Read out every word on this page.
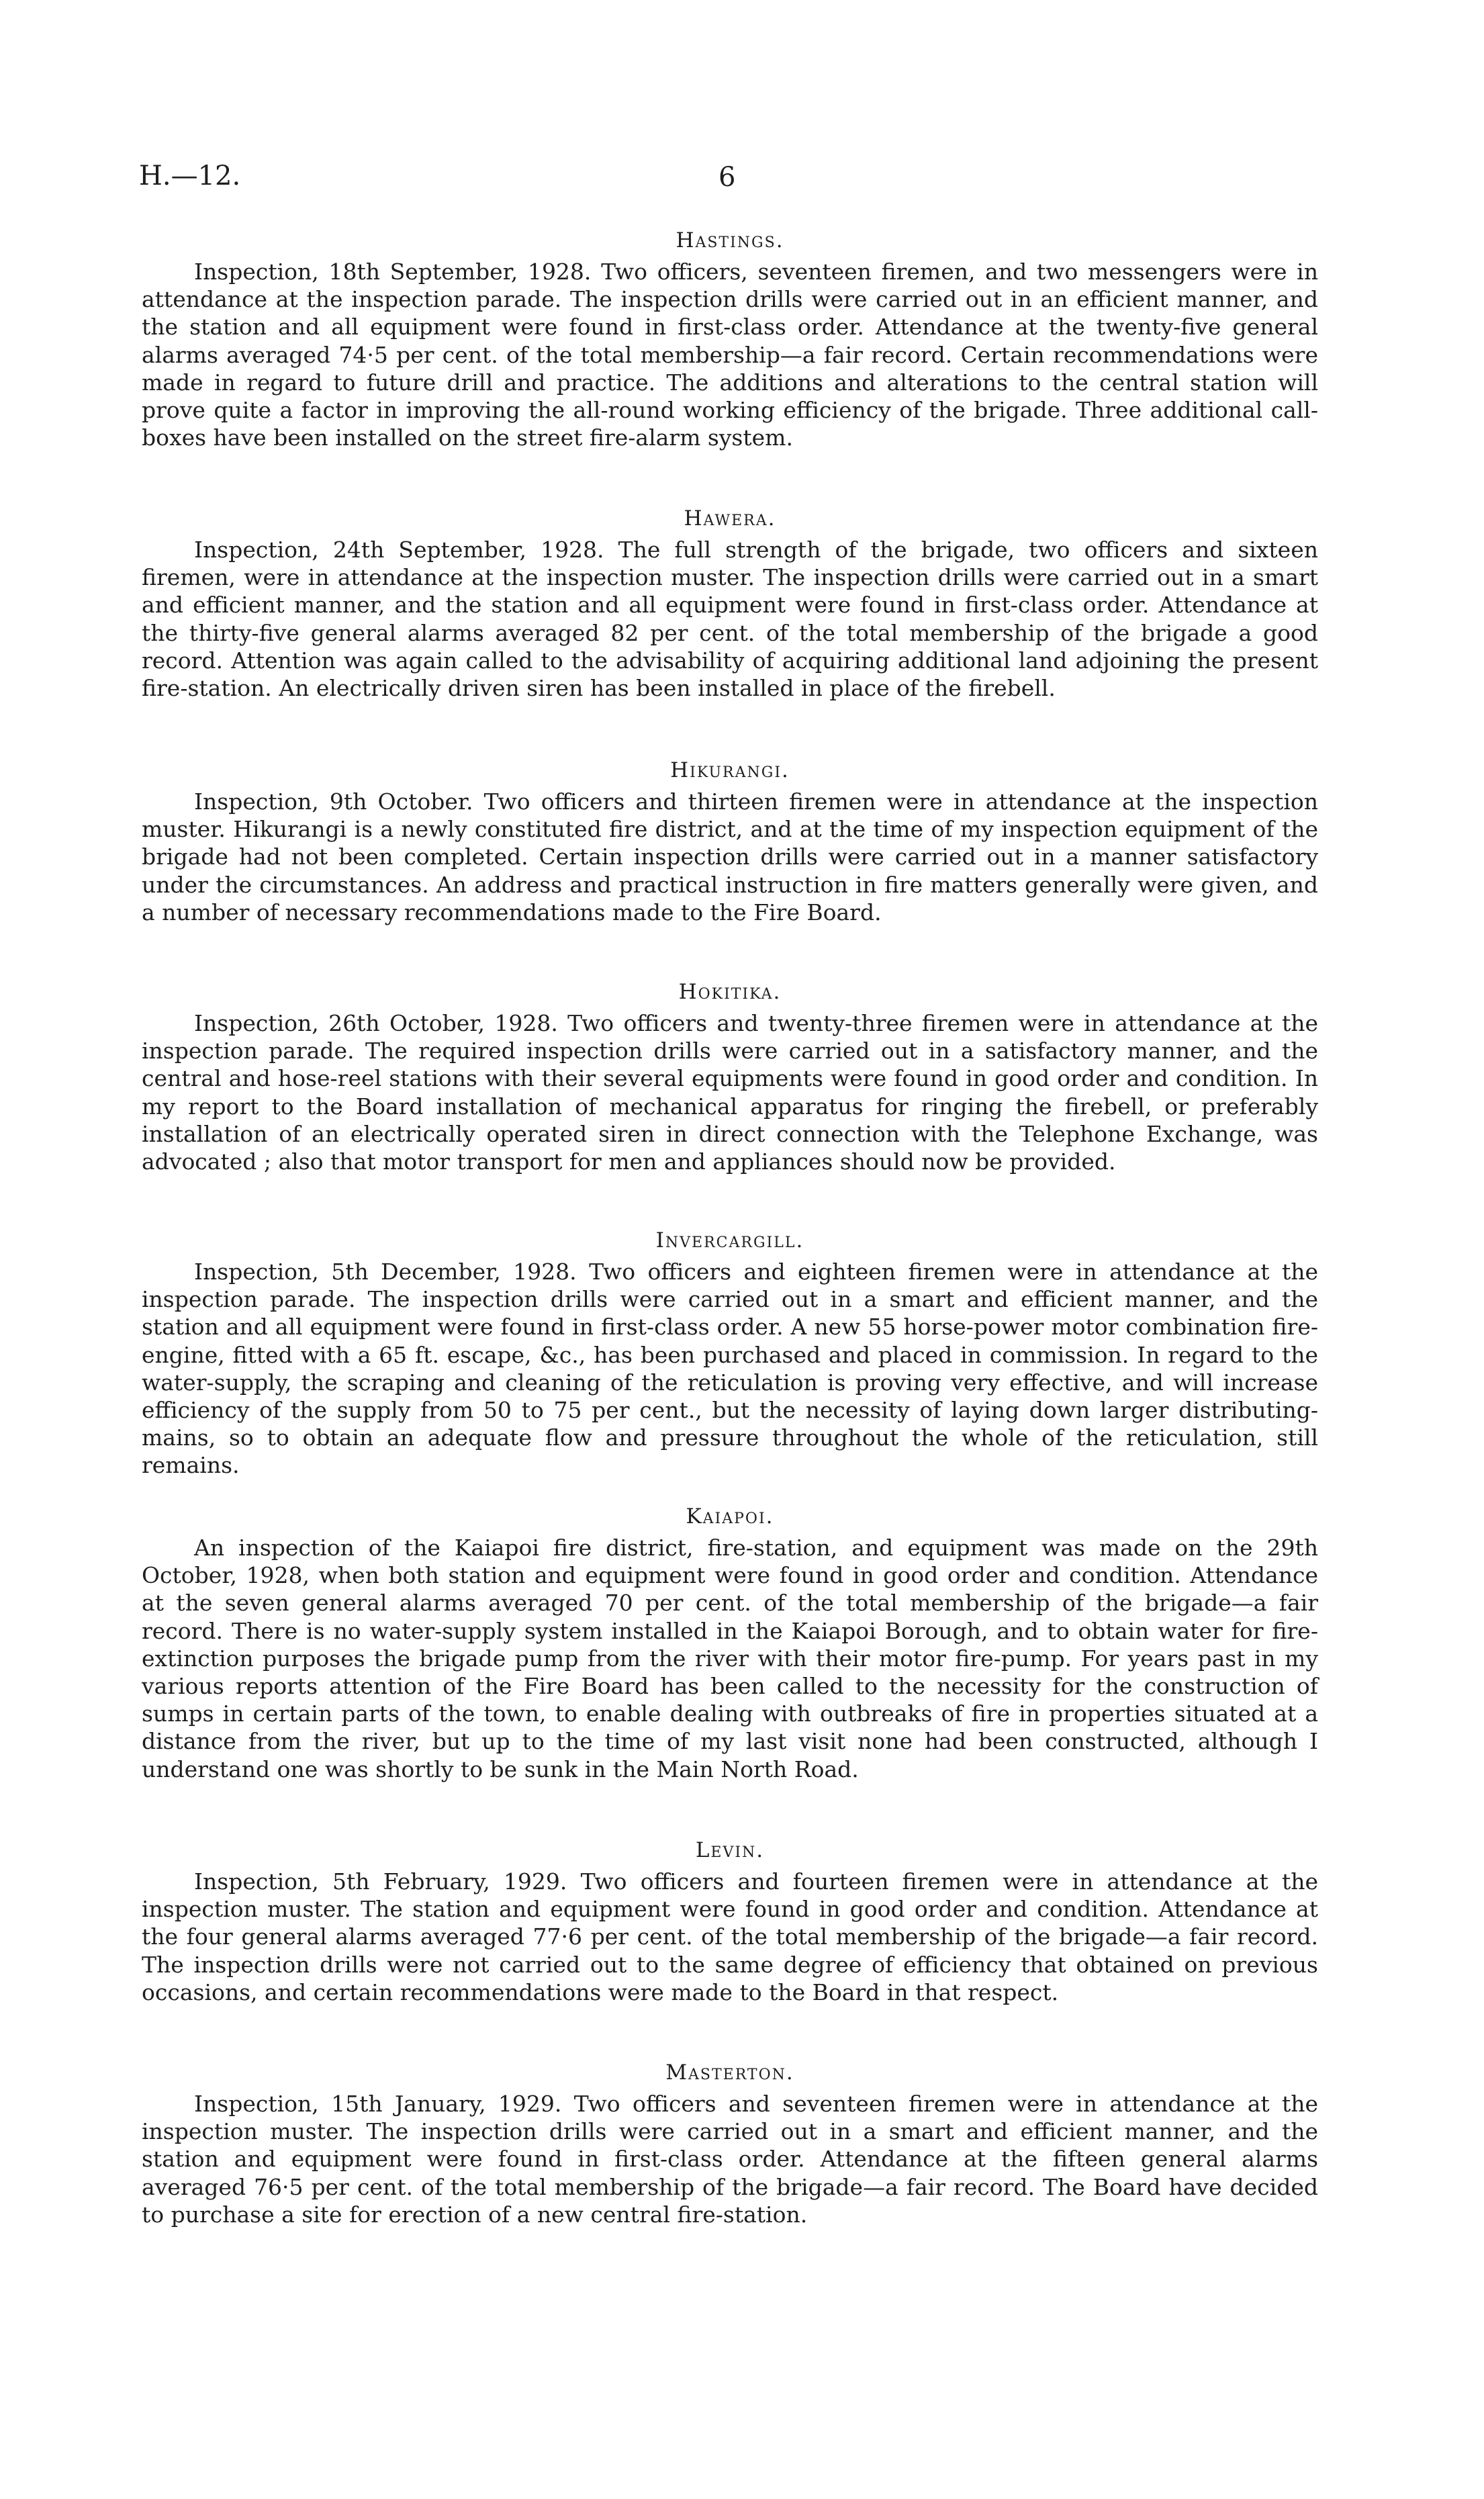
H.—12.	6
Hastings.

Inspection, 18th September, 1928. Two officers, seventeen firemen, and two messengers were in attendance at the inspection parade. The inspection drills were carried out in an efficient manner, and the station and all equipment were found in first-class order. Attendance at the twenty-five general alarms averaged 74·5 per cent. of the total membership—a fair record. Certain recommendations were made in regard to future drill and practice. The additions and alterations to the central station will prove quite a factor in improving the all-round working efficiency of the brigade. Three additional call-boxes have been installed on the street fire-alarm system.

Hawera.

Inspection, 24th September, 1928. The full strength of the brigade, two officers and sixteen firemen, were in attendance at the inspection muster. The inspection drills were carried out in a smart and efficient manner, and the station and all equipment were found in first-class order. Attendance at the thirty-five general alarms averaged 82 per cent. of the total membership of the brigade a good record. Attention was again called to the advisability of acquiring additional land adjoining the present fire-station. An electrically driven siren has been installed in place of the firebell.

Hikurangi.

Inspection, 9th October. Two officers and thirteen firemen were in attendance at the inspection muster. Hikurangi is a newly constituted fire district, and at the time of my inspection equipment of the brigade had not been completed. Certain inspection drills were carried out in a manner satisfactory under the circumstances. An address and practical instruction in fire matters generally were given, and a number of necessary recommendations made to the Fire Board.

Hokitika.

Inspection, 26th October, 1928. Two officers and twenty-three firemen were in attendance at the inspection parade. The required inspection drills were carried out in a satisfactory manner, and the central and hose-reel stations with their several equipments were found in good order and condition. In my report to the Board installation of mechanical apparatus for ringing the firebell, or preferably installation of an electrically operated siren in direct connection with the Telephone Exchange, was advocated ; also that motor transport for men and appliances should now be provided.

Invercargill.

Inspection, 5th December, 1928. Two officers and eighteen firemen were in attendance at the inspection parade. The inspection drills were carried out in a smart and efficient manner, and the station and all equipment were found in first-class order. A new 55 horse-power motor combination fire-engine, fitted with a 65 ft. escape, &c., has been purchased and placed in commission. In regard to the water-supply, the scraping and cleaning of the reticulation is proving very effective, and will increase efficiency of the supply from 50 to 75 per cent., but the necessity of laying down larger distributing-mains, so to obtain an adequate flow and pressure throughout the whole of the reticulation, still remains.

Kaiapoi.

An inspection of the Kaiapoi fire district, fire-station, and equipment was made on the 29th October, 1928, when both station and equipment were found in good order and condition. Attendance at the seven general alarms averaged 70 per cent. of the total membership of the brigade—a fair record. There is no water-supply system installed in the Kaiapoi Borough, and to obtain water for fire-extinction purposes the brigade pump from the river with their motor fire-pump. For years past in my various reports attention of the Fire Board has been called to the necessity for the construction of sumps in certain parts of the town, to enable dealing with outbreaks of fire in properties situated at a distance from the river, but up to the time of my last visit none had been constructed, although I understand one was shortly to be sunk in the Main North Road.

Levin.

Inspection, 5th February, 1929. Two officers and fourteen firemen were in attendance at the inspection muster. The station and equipment were found in good order and condition. Attendance at the four general alarms averaged 77·6 per cent. of the total membership of the brigade—a fair record. The inspection drills were not carried out to the same degree of efficiency that obtained on previous occasions, and certain recommendations were made to the Board in that respect.

Masterton.

Inspection, 15th January, 1929. Two officers and seventeen firemen were in attendance at the inspection muster. The inspection drills were carried out in a smart and efficient manner, and the station and equipment were found in first-class order. Attendance at the fifteen general alarms averaged 76·5 per cent. of the total membership of the brigade—a fair record. The Board have decided to purchase a site for erection of a new central fire-station.
